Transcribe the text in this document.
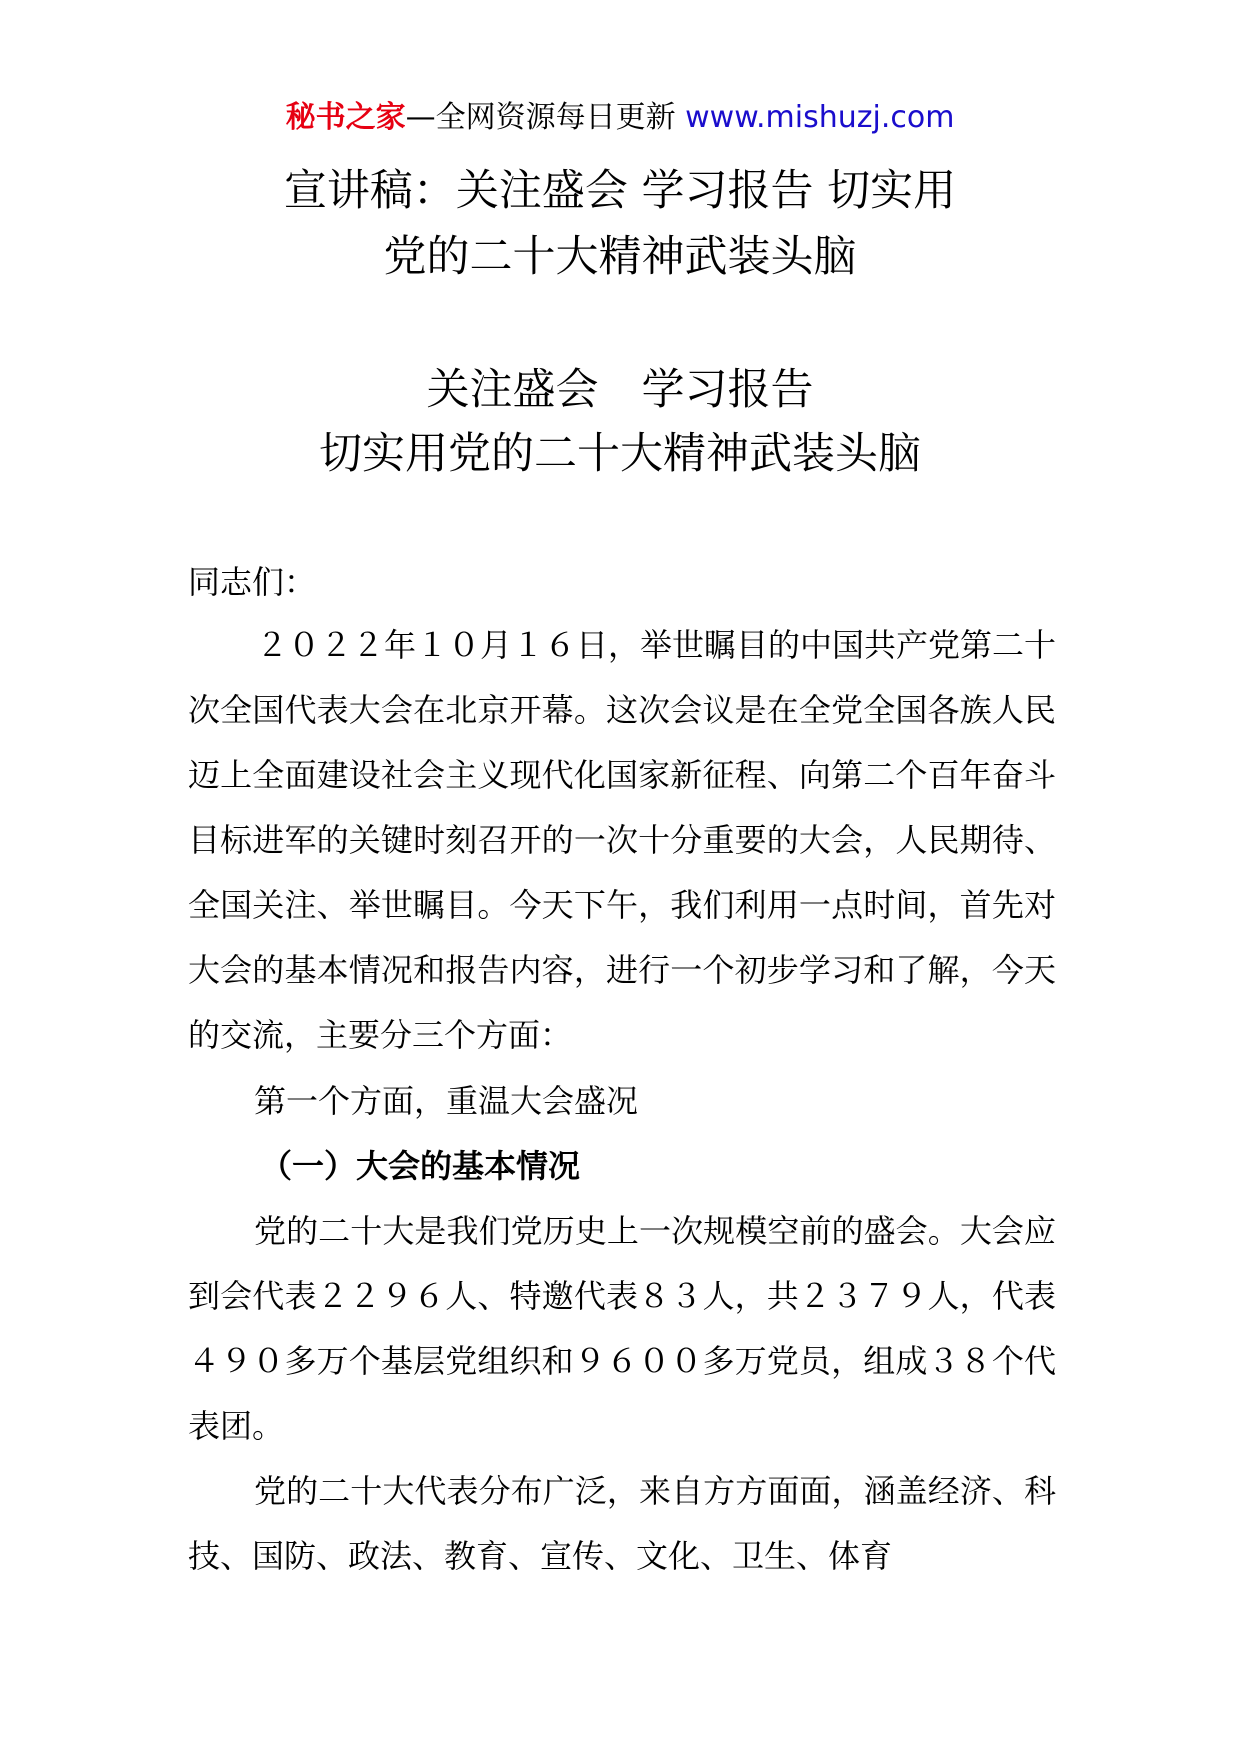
秘书之家—全网资源每日更新 www.mishuzj.com
宣讲稿：关注盛会 学习报告 切实用
党的二十大精神武装头脑
关注盛会　学习报告
切实用党的二十大精神武装头脑
同志们：
２０２２年１０月１６日，举世瞩目的中国共产党第二十次全国代表大会在北京开幕。这次会议是在全党全国各族人民迈上全面建设社会主义现代化国家新征程、向第二个百年奋斗目标进军的关键时刻召开的一次十分重要的大会，人民期待、全国关注、举世瞩目。今天下午，我们利用一点时间，首先对大会的基本情况和报告内容，进行一个初步学习和了解，今天的交流，主要分三个方面：
第一个方面，重温大会盛况
（一）大会的基本情况
党的二十大是我们党历史上一次规模空前的盛会。大会应到会代表２２９６人、特邀代表８３人，共２３７９人，代表４９０多万个基层党组织和９６００多万党员，组成３８个代表团。
党的二十大代表分布广泛，来自方方面面，涵盖经济、科技、国防、政法、教育、宣传、文化、卫生、体育
